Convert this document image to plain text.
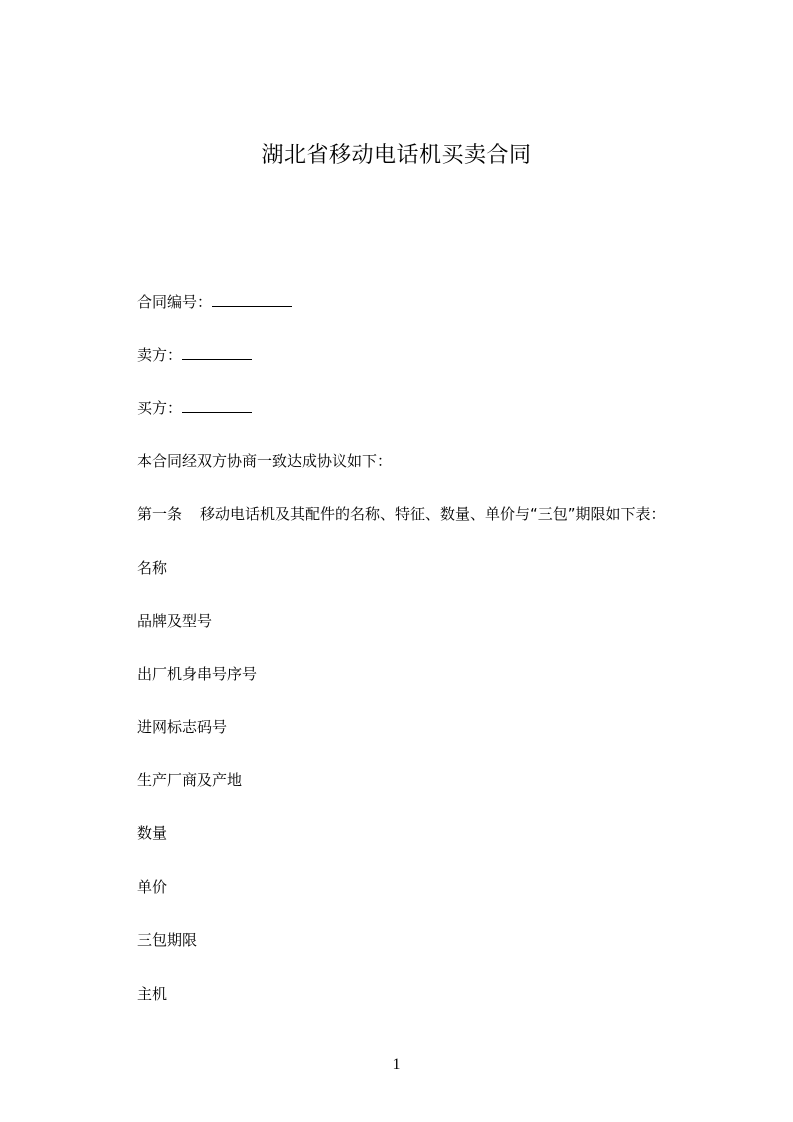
湖北省移动电话机买卖合同
合同编号：
卖方：
买方：
本合同经双方协商一致达成协议如下：
第一条 移动电话机及其配件的名称、特征、数量、单价与“三包”期限如下表：
名称
品牌及型号
出厂机身串号序号
进网标志码号
生产厂商及产地
数量
单价
三包期限
主机
1
